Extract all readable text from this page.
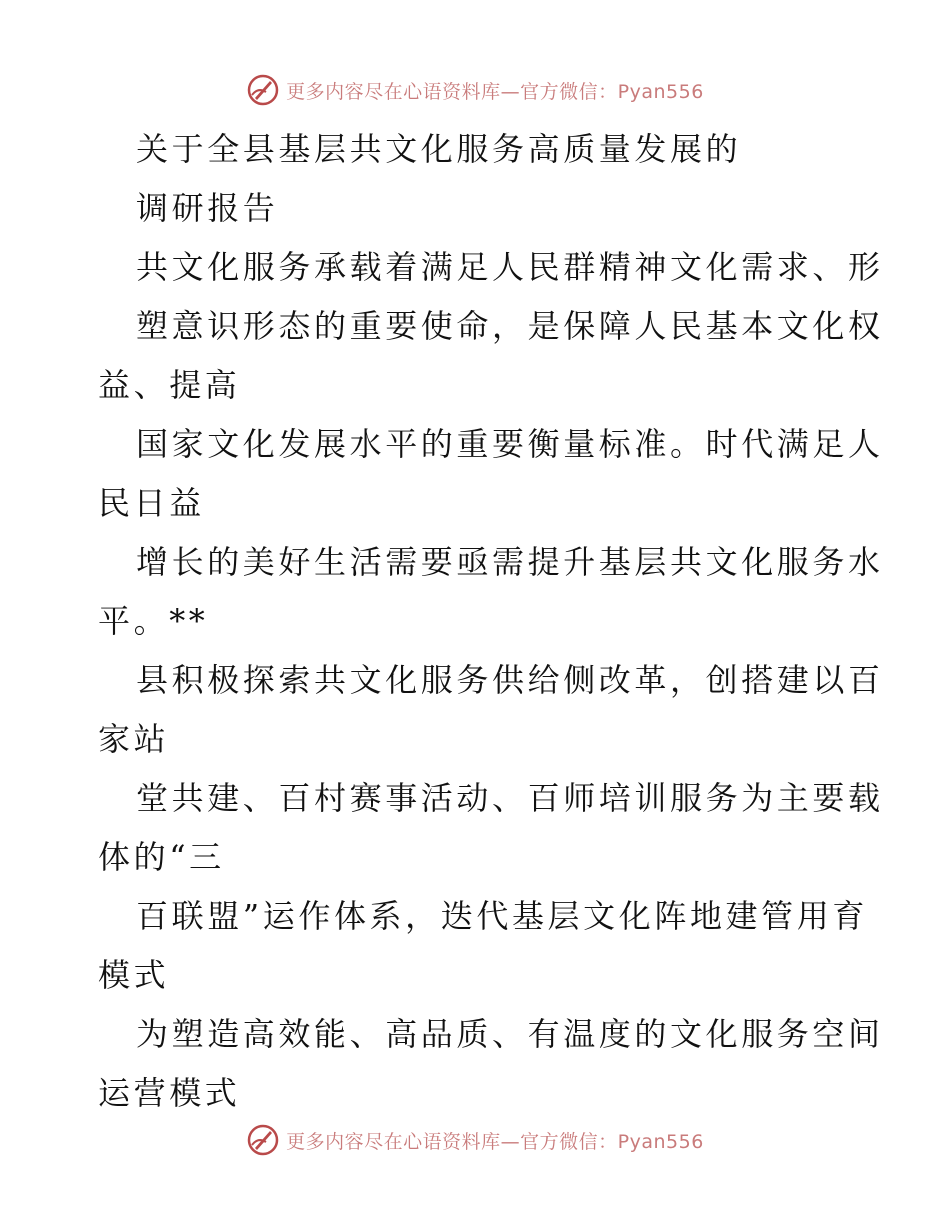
更多内容尽在心语资料库—官方微信：Pyan556
关于全县基层共文化服务高质量发展的
调研报告
共文化服务承载着满足人民群精神文化需求、形
塑意识形态的重要使命，是保障人民基本文化权
益、提高
国家文化发展水平的重要衡量标准。时代满足人
民日益
增长的美好生活需要亟需提升基层共文化服务水
平。**
县积极探索共文化服务供给侧改革，创搭建以百
家站
堂共建、百村赛事活动、百师培训服务为主要载
体的“三
百联盟”运作体系，迭代基层文化阵地建管用育
模式
为塑造高效能、高品质、有温度的文化服务空间
运营模式
更多内容尽在心语资料库—官方微信：Pyan556
